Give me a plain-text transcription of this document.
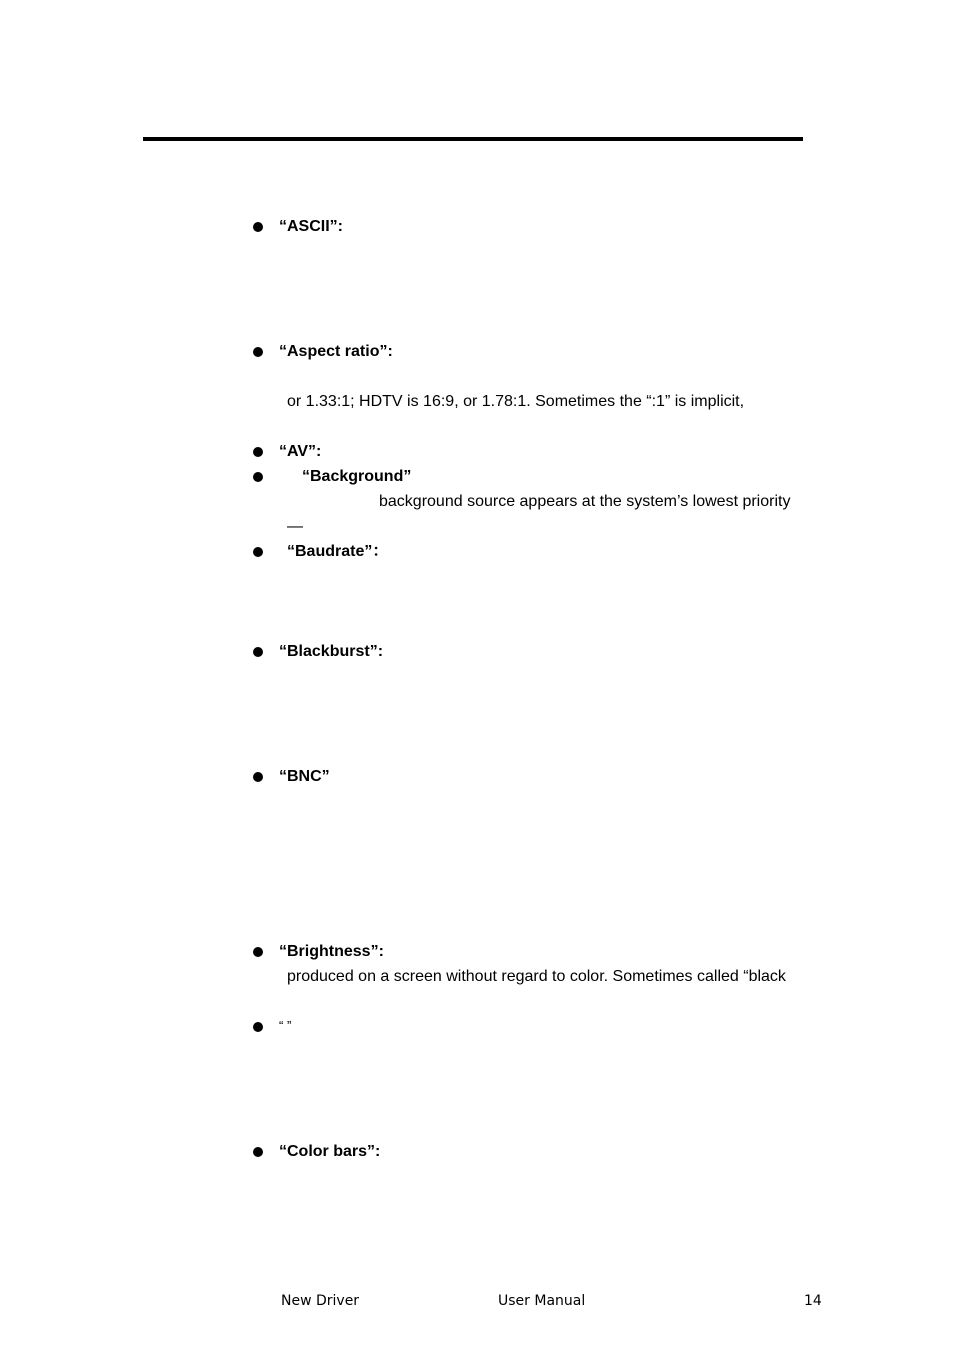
“ASCII”:
“Aspect ratio”:
or 1.33:1; HDTV is 16:9, or 1.78:1. Sometimes the “:1” is implicit,
“AV”:
“Background”
background source appears at the system’s lowest priority
—
“Baudrate”：
“Blackburst”:
“BNC”
“Brightness”:
produced on a screen without regard to color. Sometimes called “black
“ ”
“Color bars”:
New Driver	User Manual	14
